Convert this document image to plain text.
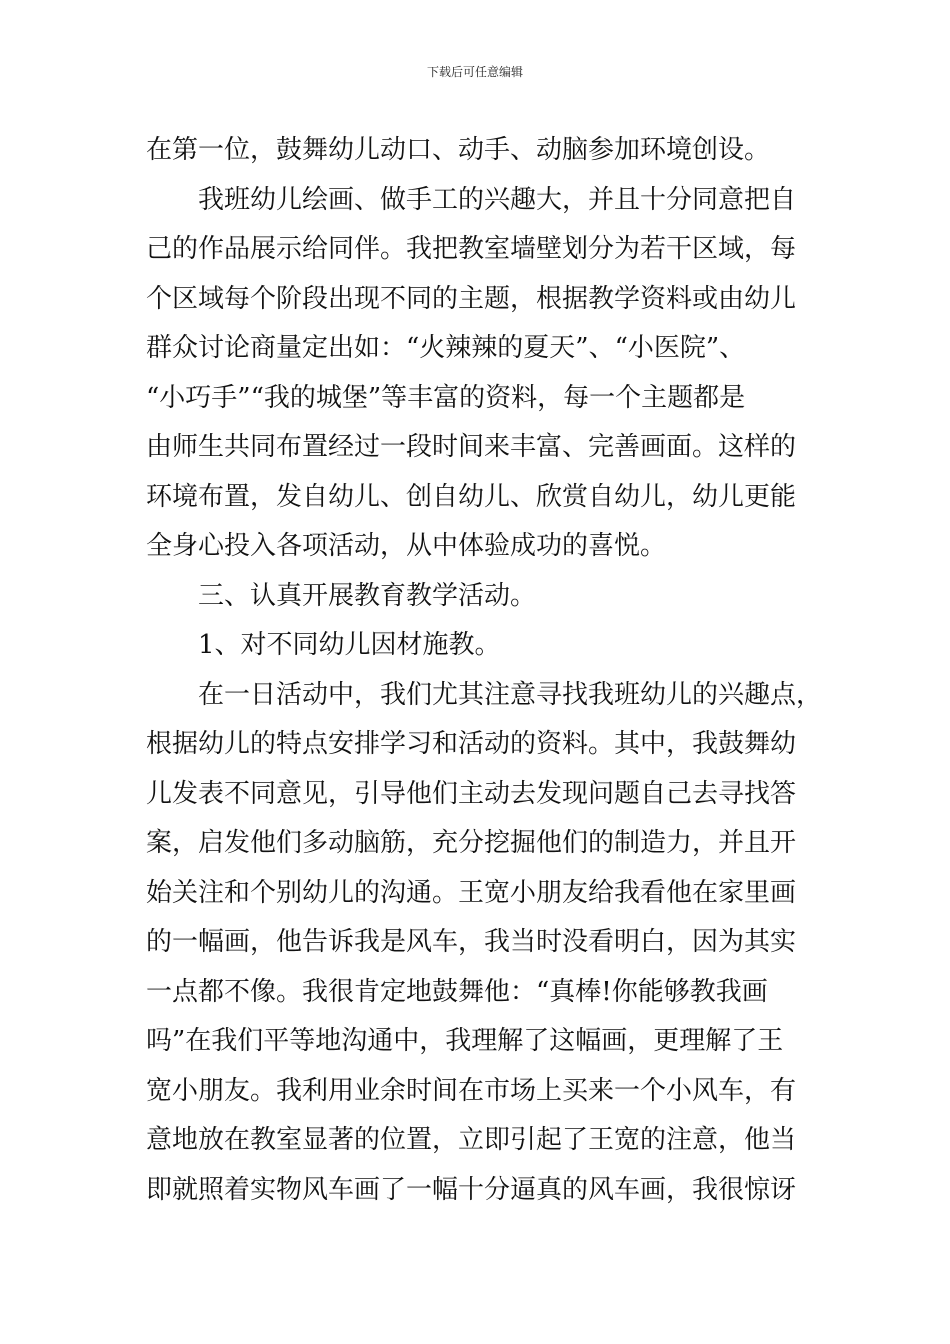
下载后可任意编辑
在第一位，鼓舞幼儿动口、动手、动脑参加环境创设。
我班幼儿绘画、做手工的兴趣大，并且十分同意把自
己的作品展示给同伴。我把教室墙壁划分为若干区域，每
个区域每个阶段出现不同的主题，根据教学资料或由幼儿
群众讨论商量定出如：“火辣辣的夏天”、“小医院”、
“小巧手”“我的城堡”等丰富的资料，每一个主题都是
由师生共同布置经过一段时间来丰富、完善画面。这样的
环境布置，发自幼儿、创自幼儿、欣赏自幼儿，幼儿更能
全身心投入各项活动，从中体验成功的喜悦。
三、认真开展教育教学活动。
1、对不同幼儿因材施教。
在一日活动中，我们尤其注意寻找我班幼儿的兴趣点，
根据幼儿的特点安排学习和活动的资料。其中，我鼓舞幼
儿发表不同意见，引导他们主动去发现问题自己去寻找答
案，启发他们多动脑筋，充分挖掘他们的制造力，并且开
始关注和个别幼儿的沟通。王宽小朋友给我看他在家里画
的一幅画，他告诉我是风车，我当时没看明白，因为其实
一点都不像。我很肯定地鼓舞他：“真棒!你能够教我画
吗”在我们平等地沟通中，我理解了这幅画，更理解了王
宽小朋友。我利用业余时间在市场上买来一个小风车，有
意地放在教室显著的位置，立即引起了王宽的注意，他当
即就照着实物风车画了一幅十分逼真的风车画，我很惊讶
